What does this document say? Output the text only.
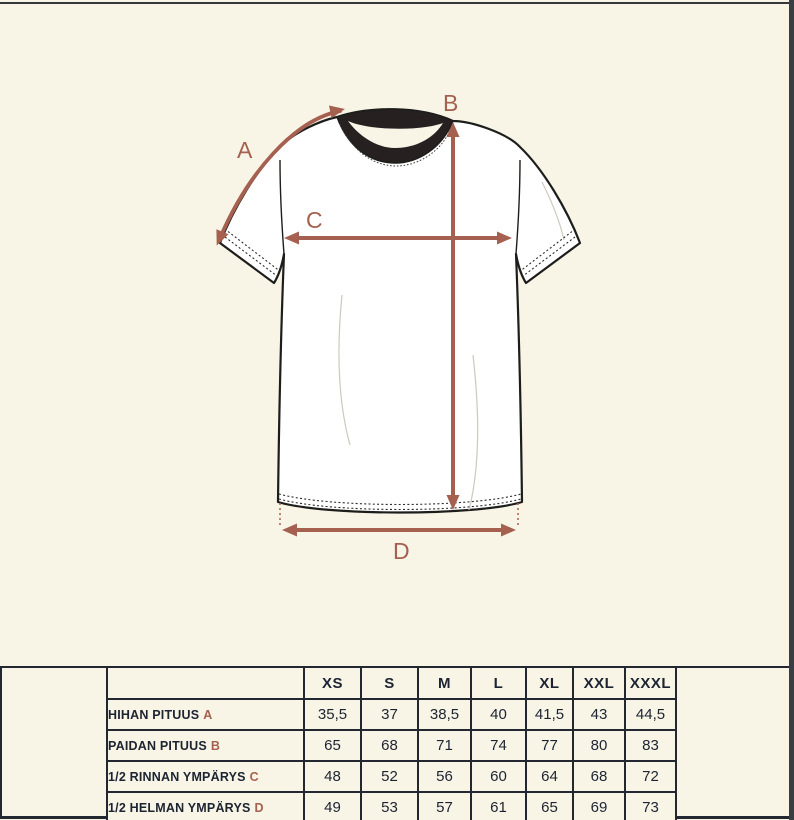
A
B
C
D
	XS	S	M	L	XL	XXL	XXXL
HIHAN PITUUS A	35,5	37	38,5	40	41,5	43	44,5
PAIDAN PITUUS B	65	68	71	74	77	80	83
1/2 RINNAN YMPÄRYS C	48	52	56	60	64	68	72
1/2 HELMAN YMPÄRYS D	49	53	57	61	65	69	73
